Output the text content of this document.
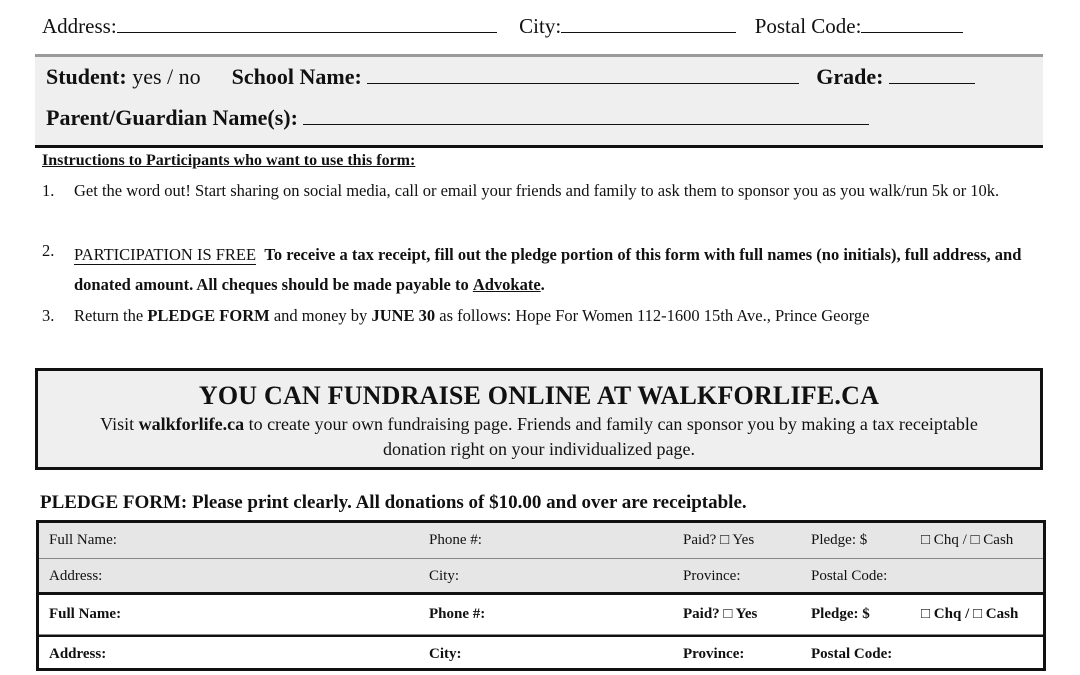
Address:	City:	Postal Code:
Student: yes / no School Name:	Grade:
Parent/Guardian Name(s):
Instructions to Participants who want to use this form:
1. Get the word out! Start sharing on social media, call or email your friends and family to ask them to sponsor you as you walk/run 5k or 10k.
2. PARTICIPATION IS FREE To receive a tax receipt, fill out the pledge portion of this form with full names (no initials), full address, and donated amount. All cheques should be made payable to Advokate.
3. Return the PLEDGE FORM and money by JUNE 30 as follows: Hope For Women 112-1600 15th Ave., Prince George
YOU CAN FUNDRAISE ONLINE AT WALKFORLIFE.CA
Visit walkforlife.ca to create your own fundraising page. Friends and family can sponsor you by making a tax receiptable donation right on your individualized page.
PLEDGE FORM: Please print clearly. All donations of $10.00 and over are receiptable.
Full Name:	Phone #:	Paid? □ Yes	Pledge: $	□ Chq / □ Cash
Address:	City:	Province:	Postal Code:
Full Name:	Phone #:	Paid? □ Yes	Pledge: $	□ Chq / □ Cash
Address:	City:	Province:	Postal Code:
